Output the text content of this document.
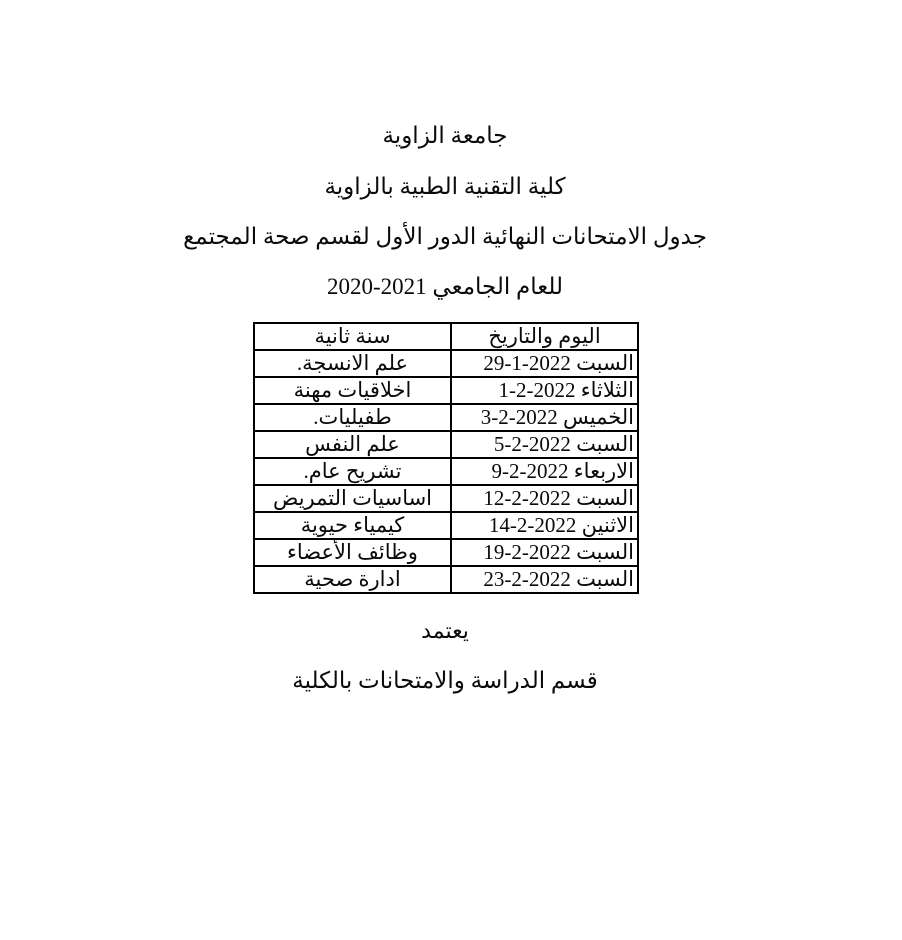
جامعة الزاوية
كلية التقنية الطبية بالزاوية
جدول الامتحانات النهائية الدور الأول لقسم صحة المجتمع
للعام الجامعي 2021-2020
اليوم والتاريخ	سنة ثانية
السبت 2022-1-29	علم الانسجة.
الثلاثاء 2022-2-1	اخلاقيات مهنة
الخميس 2022-2-3	طفيليات.
السبت 2022-2-5	علم النفس
الاربعاء 2022-2-9	تشريح عام.
السبت 2022-2-12	اساسيات التمريض
الاثنين 2022-2-14	كيمياء حيوية
السبت 2022-2-19	وظائف الأعضاء
السبت 2022-2-23	ادارة صحية
يعتمد
قسم الدراسة والامتحانات بالكلية
